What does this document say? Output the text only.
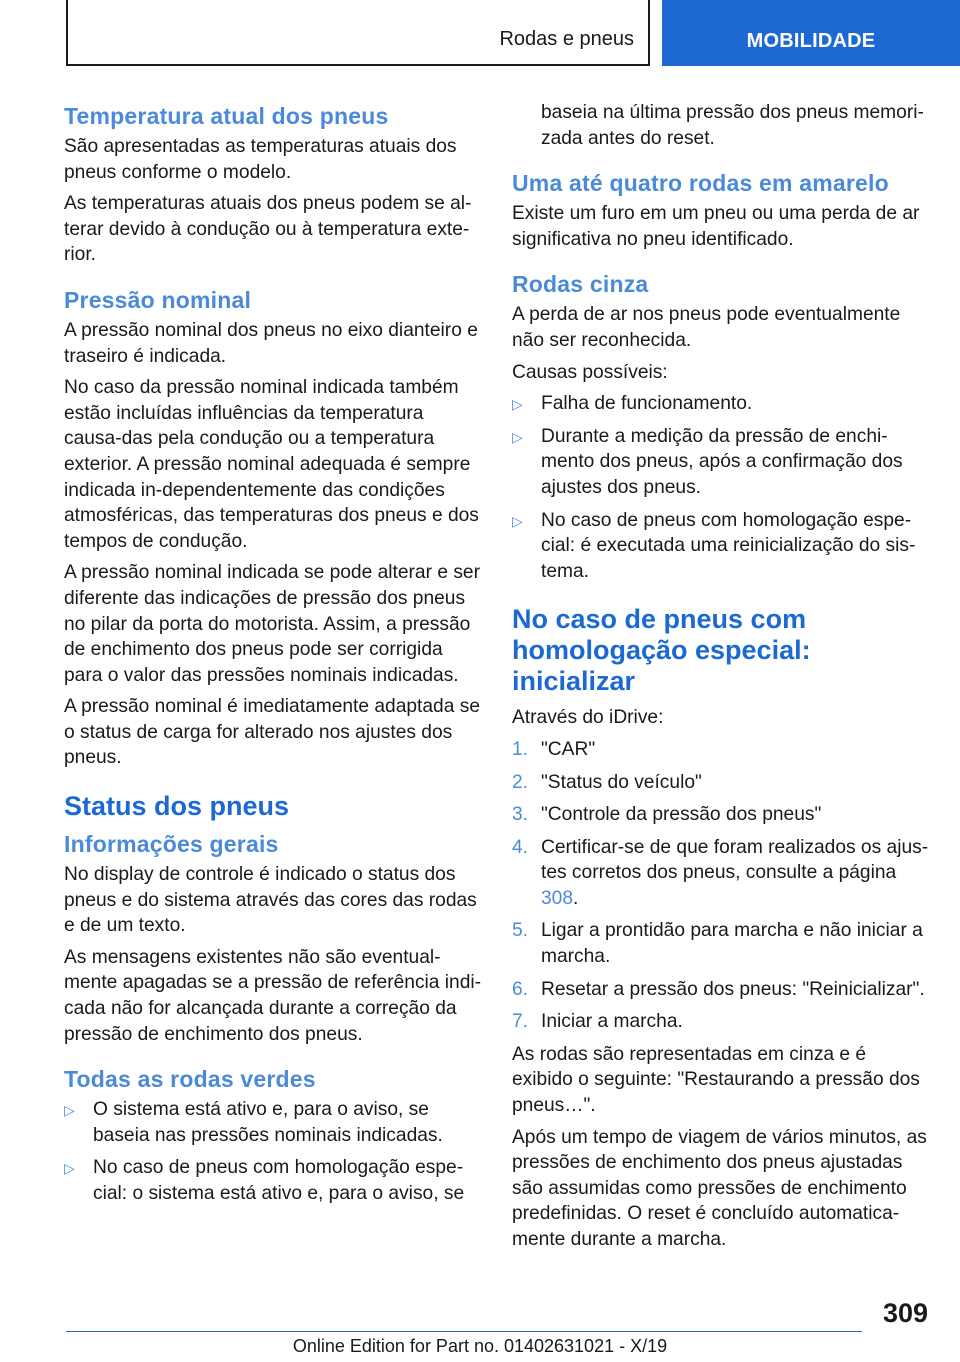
Rodas e pneus	MOBILIDADE
Temperatura atual dos pneus

São apresentadas as temperaturas atuais dos pneus conforme o modelo.

As temperaturas atuais dos pneus podem se al-terar devido à condução ou à temperatura exte-rior.

Pressão nominal

A pressão nominal dos pneus no eixo dianteiro e traseiro é indicada.

No caso da pressão nominal indicada também estão incluídas influências da temperatura causa-das pela condução ou a temperatura exterior. A pressão nominal adequada é sempre indicada in-dependentemente das condições atmosféricas, das temperaturas dos pneus e dos tempos de condução.

A pressão nominal indicada se pode alterar e ser diferente das indicações de pressão dos pneus no pilar da porta do motorista. Assim, a pressão de enchimento dos pneus pode ser corrigida para o valor das pressões nominais indicadas.

A pressão nominal é imediatamente adaptada se o status de carga for alterado nos ajustes dos pneus.

Status dos pneus
Informações gerais

No display de controle é indicado o status dos pneus e do sistema através das cores das rodas e de um texto.

As mensagens existentes não são eventual-mente apagadas se a pressão de referência indi-cada não for alcançada durante a correção da pressão de enchimento dos pneus.

Todas as rodas verdes
▷ O sistema está ativo e, para o aviso, se baseia nas pressões nominais indicadas.
▷ No caso de pneus com homologação espe-cial: o sistema está ativo e, para o aviso, se

baseia na última pressão dos pneus memori-zada antes do reset.

Uma até quatro rodas em amarelo

Existe um furo em um pneu ou uma perda de ar significativa no pneu identificado.

Rodas cinza

A perda de ar nos pneus pode eventualmente não ser reconhecida.

Causas possíveis:

▷ Falha de funcionamento.
▷ Durante a medição da pressão de enchi-mento dos pneus, após a confirmação dos ajustes dos pneus.
▷ No caso de pneus com homologação espe-cial: é executada uma reinicialização do sis-tema.
No caso de pneus com homologação especial: inicializar

Através do iDrive:

1. "CAR"
2. "Status do veículo"
3. "Controle da pressão dos pneus"
4. Certificar-se de que foram realizados os ajus-tes corretos dos pneus, consulte a página 308.
5. Ligar a prontidão para marcha e não iniciar a marcha.
6. Resetar a pressão dos pneus: "Reinicializar".
7. Iniciar a marcha.

As rodas são representadas em cinza e é exibido o seguinte: "Restaurando a pressão dos pneus…".

Após um tempo de viagem de vários minutos, as pressões de enchimento dos pneus ajustadas são assumidas como pressões de enchimento predefinidas. O reset é concluído automatica-mente durante a marcha.

309
Online Edition for Part no. 01402631021 - X/19
